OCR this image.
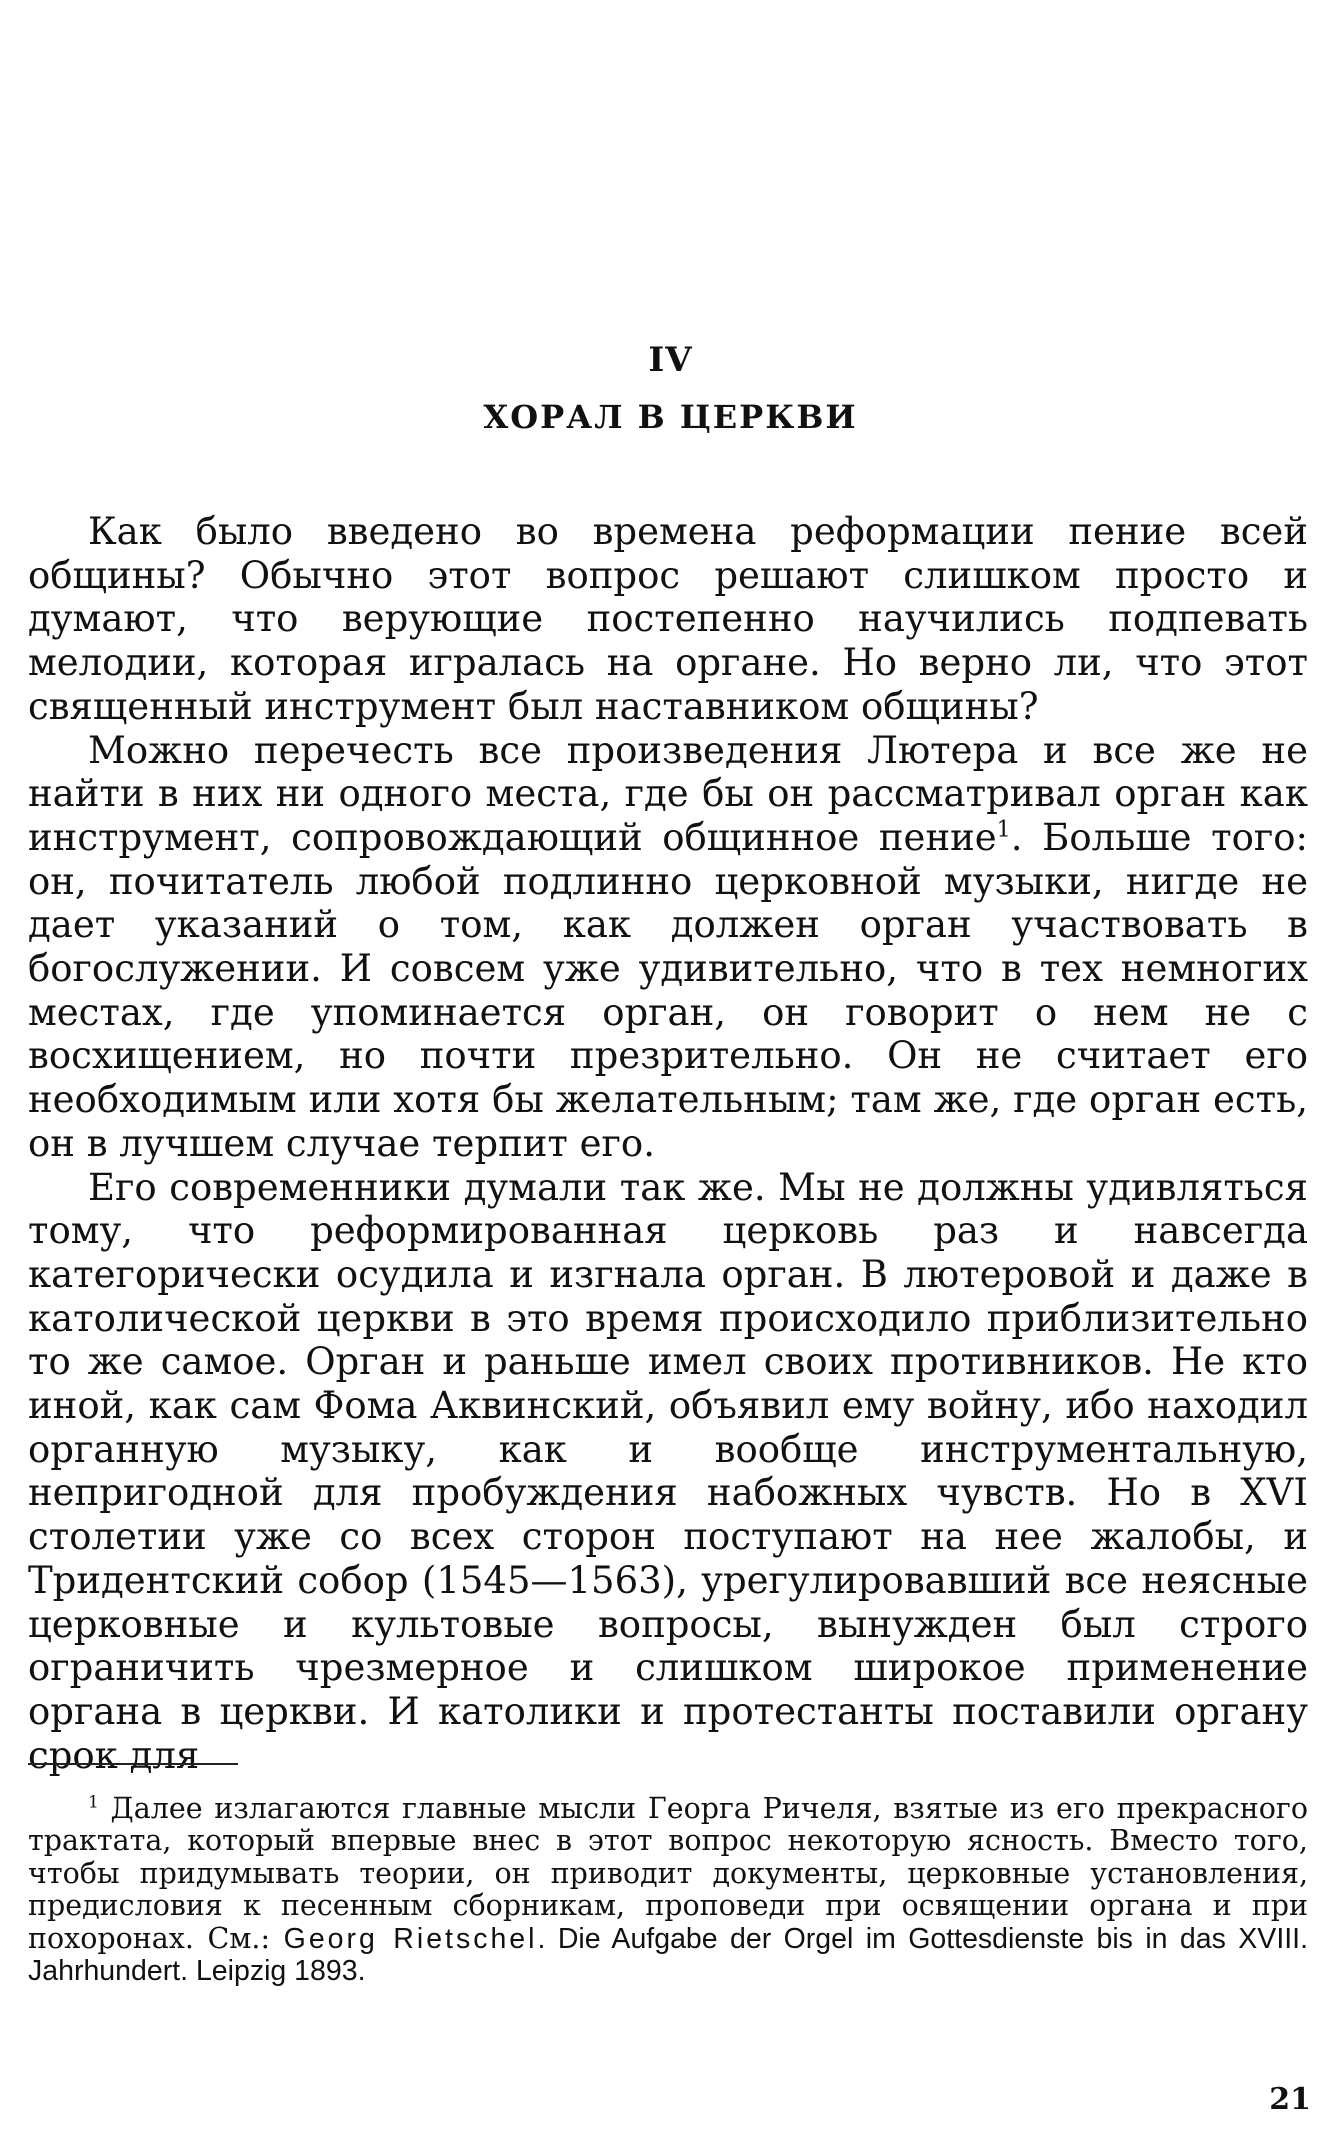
IV
ХОРАЛ В ЦЕРКВИ

Как было введено во времена реформации пение всей общины? Обычно этот вопрос решают слишком просто и думают, что верующие постепенно научились подпевать мелодии, которая игралась на органе. Но верно ли, что этот священный инструмент был наставником общины?

Можно перечесть все произведения Лютера и все же не найти в них ни одного места, где бы он рассматривал орган как инструмент, сопровождающий общинное пение$^1$. Больше того: он, почитатель любой подлинно церковной музыки, нигде не дает указаний о том, как должен орган участвовать в богослужении. И совсем уже удивительно, что в тех немногих местах, где упоминается орган, он говорит о нем не с восхищением, но почти презрительно. Он не считает его необходимым или хотя бы желательным; там же, где орган есть, он в лучшем случае терпит его.

Его современники думали так же. Мы не должны удивляться тому, что реформированная церковь раз и навсегда категорически осудила и изгнала орган. В лютеровой и даже в католической церкви в это время происходило приблизительно то же самое. Орган и раньше имел своих противников. Не кто иной, как сам Фома Аквинский, объявил ему войну, ибо находил органную музыку, как и вообще инструментальную, непригодной для пробуждения набожных чувств. Но в XVI столетии уже со всех сторон поступают на нее жалобы, и Тридентский собор (1545—1563), урегулировавший все неясные церковные и культовые вопросы, вынужден был строго ограничить чрезмерное и слишком широкое применение органа в церкви. И католики и протестанты поставили органу срок для

$^1$ Далее излагаются главные мысли Георга Ричеля, взятые из его прекрасного трактата, который впервые внес в этот вопрос некоторую ясность. Вместо того, чтобы придумывать теории, он приводит документы, церковные установления, предисловия к песенным сборникам, проповеди при освящении органа и при похоронах. См.: Georg Rietschel. Die Aufgabe der Orgel im Gottesdienste bis in das XVIII. Jahrhundert. Leipzig 1893.

21
